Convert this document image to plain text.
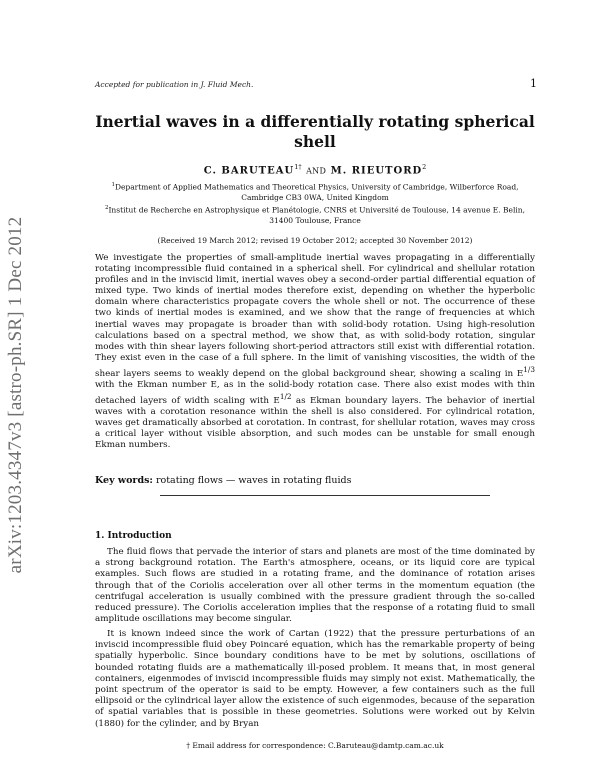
arXiv:1203.4347v3 [astro-ph.SR] 1 Dec 2012
Accepted for publication in J. Fluid Mech.	1
Inertial waves in a differentially rotating spherical shell
C. $BARUTEAU^{1\dagger}$ AND M. RIEUTORD$^2$
$^1$Department of Applied Mathematics and Theoretical Physics, University of Cambridge, Wilberforce Road, Cambridge CB3 0WA, United Kingdom
$^2$Institut de Recherche en Astrophysique et Planétologie, CNRS et Université de Toulouse, 14 avenue E. Belin, 31400 Toulouse, France
(Received 19 March 2012; revised 19 October 2012; accepted 30 November 2012)
We investigate the properties of small-amplitude inertial waves propagating in a differentially rotating incompressible fluid contained in a spherical shell. For cylindrical and shellular rotation profiles and in the inviscid limit, inertial waves obey a second-order partial differential equation of mixed type. Two kinds of inertial modes therefore exist, depending on whether the hyperbolic domain where characteristics propagate covers the whole shell or not. The occurrence of these two kinds of inertial modes is examined, and we show that the range of frequencies at which inertial waves may propagate is broader than with solid-body rotation. Using high-resolution calculations based on a spectral method, we show that, as with solid-body rotation, singular modes with thin shear layers following short-period attractors still exist with differential rotation. They exist even in the case of a full sphere. In the limit of vanishing viscosities, the width of the shear layers seems to weakly depend on the global background shear, showing a scaling in $E^{1/3}$ with the Ekman number E, as in the solid-body rotation case. There also exist modes with thin detached layers of width scaling with $E^{1/2}$ as Ekman boundary layers. The behavior of inertial waves with a corotation resonance within the shell is also considered. For cylindrical rotation, waves get dramatically absorbed at corotation. In contrast, for shellular rotation, waves may cross a critical layer without visible absorption, and such modes can be unstable for small enough Ekman numbers.
Key words: rotating flows — waves in rotating fluids
1. Introduction
The fluid flows that pervade the interior of stars and planets are most of the time dominated by a strong background rotation. The Earth's atmosphere, oceans, or its liquid core are typical examples. Such flows are studied in a rotating frame, and the dominance of rotation arises through that of the Coriolis acceleration over all other terms in the momentum equation (the centrifugal acceleration is usually combined with the pressure gradient through the so-called reduced pressure). The Coriolis acceleration implies that the response of a rotating fluid to small amplitude oscillations may become singular.
It is known indeed since the work of Cartan (1922) that the pressure perturbations of an inviscid incompressible fluid obey Poincaré equation, which has the remarkable property of being spatially hyperbolic. Since boundary conditions have to be met by solutions, oscillations of bounded rotating fluids are a mathematically ill-posed problem. It means that, in most general containers, eigenmodes of inviscid incompressible fluids may simply not exist. Mathematically, the point spectrum of the operator is said to be empty. However, a few containers such as the full ellipsoid or the cylindrical layer allow the existence of such eigenmodes, because of the separation of spatial variables that is possible in these geometries. Solutions were worked out by Kelvin (1880) for the cylinder, and by Bryan
† Email address for correspondence: C.Baruteau@damtp.cam.ac.uk
